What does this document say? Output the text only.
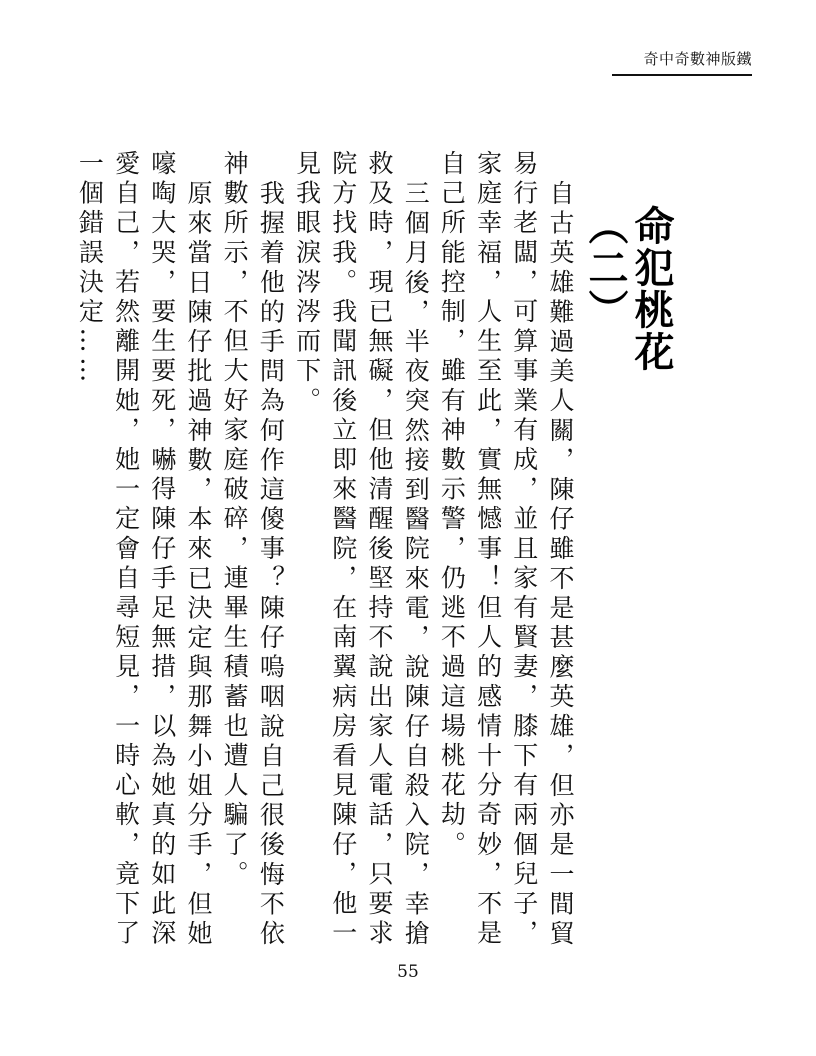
奇中奇數神版鐵
命犯桃花（二）

自古英雄難過美人關，陳仔雖不是甚麼英雄，但亦是一間貿易行老闆，可算事業有成，並且家有賢妻，膝下有兩個兒子，家庭幸福，人生至此，實無憾事！但人的感情十分奇妙，不是自己所能控制，雖有神數示警，仍逃不過這場桃花劫。

三個月後，半夜突然接到醫院來電，說陳仔自殺入院，幸搶救及時，現已無礙，但他清醒後堅持不說出家人電話，只要求院方找我。我聞訊後立即來醫院，在南翼病房看見陳仔，他一見我眼淚涔涔而下。

我握着他的手問為何作這傻事？陳仔嗚咽說自己很後悔不依神數所示，不但大好家庭破碎，連畢生積蓄也遭人騙了。

原來當日陳仔批過神數，本來已決定與那舞小姐分手，但她嚎啕大哭，要生要死，嚇得陳仔手足無措，以為她真的如此深愛自己，若然離開她，她一定會自尋短見，一時心軟，竟下了一個錯誤決定……

55
